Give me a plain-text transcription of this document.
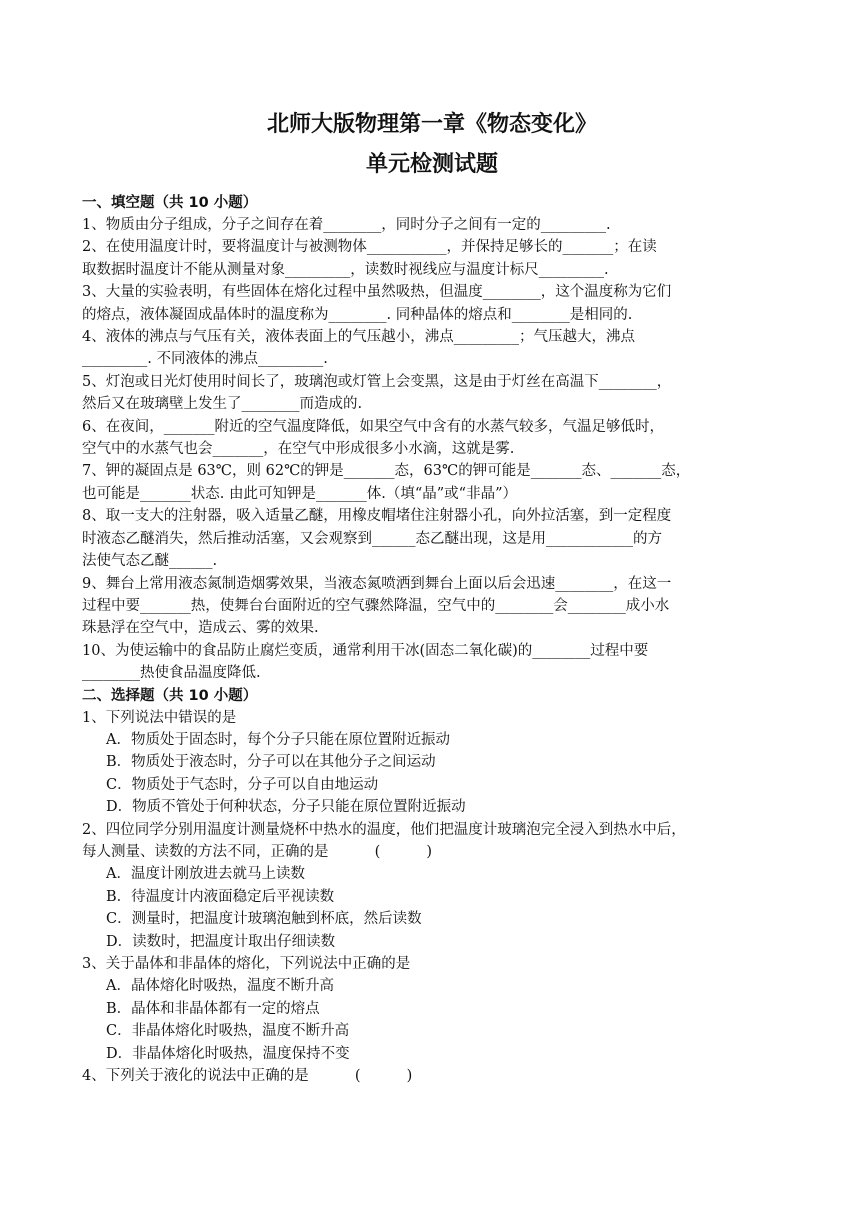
北师大版物理第一章《物态变化》
单元检测试题

一、填空题（共 10 小题）

1、物质由分子组成，分子之间存在着________，同时分子之间有一定的_________.

2、在使用温度计时，要将温度计与被测物体___________，并保持足够长的_______；在读

取数据时温度计不能从测量对象_________，读数时视线应与温度计标尺_________.

3、大量的实验表明，有些固体在熔化过程中虽然吸热，但温度________，这个温度称为它们

的熔点，液体凝固成晶体时的温度称为________. 同种晶体的熔点和________是相同的.

4、液体的沸点与气压有关，液体表面上的气压越小，沸点_________；气压越大，沸点

_________. 不同液体的沸点_________.

5、灯泡或日光灯使用时间长了，玻璃泡或灯管上会变黑，这是由于灯丝在高温下________，

然后又在玻璃壁上发生了________而造成的.

6、在夜间，_______附近的空气温度降低，如果空气中含有的水蒸气较多，气温足够低时，

空气中的水蒸气也会_______，在空气中形成很多小水滴，这就是雾.

7、钾的凝固点是 63℃，则 62℃的钾是_______态，63℃的钾可能是_______态、_______态，

也可能是_______状态. 由此可知钾是_______体.（填“晶”或“非晶”）

8、取一支大的注射器，吸入适量乙醚，用橡皮帽堵住注射器小孔，向外拉活塞，到一定程度

时液态乙醚消失，然后推动活塞，又会观察到______态乙醚出现，这是用____________的方

法使气态乙醚______.

9、舞台上常用液态氮制造烟雾效果，当液态氮喷洒到舞台上面以后会迅速________，在这一

过程中要_______热，使舞台台面附近的空气骤然降温，空气中的________会________成小水

珠悬浮在空气中，造成云、雾的效果.

10、为使运输中的食品防止腐烂变质，通常利用干冰(固态二氧化碳)的________过程中要

________热使食品温度降低.

二、选择题（共 10 小题）

1、下列说法中错误的是

A．物质处于固态时，每个分子只能在原位置附近振动

B．物质处于液态时，分子可以在其他分子之间运动

C．物质处于气态时，分子可以自由地运动

D．物质不管处于何种状态，分子只能在原位置附近振动

2、四位同学分别用温度计测量烧杯中热水的温度，他们把温度计玻璃泡完全浸入到热水中后，

每人测量、读数的方法不同，正确的是          (          )

A．温度计刚放进去就马上读数

B．待温度计内液面稳定后平视读数

C．测量时，把温度计玻璃泡触到杯底，然后读数

D．读数时，把温度计取出仔细读数

3、关于晶体和非晶体的熔化，下列说法中正确的是

A．晶体熔化时吸热，温度不断升高

B．晶体和非晶体都有一定的熔点

C．非晶体熔化时吸热，温度不断升高

D．非晶体熔化时吸热，温度保持不变

4、下列关于液化的说法中正确的是          (          )
